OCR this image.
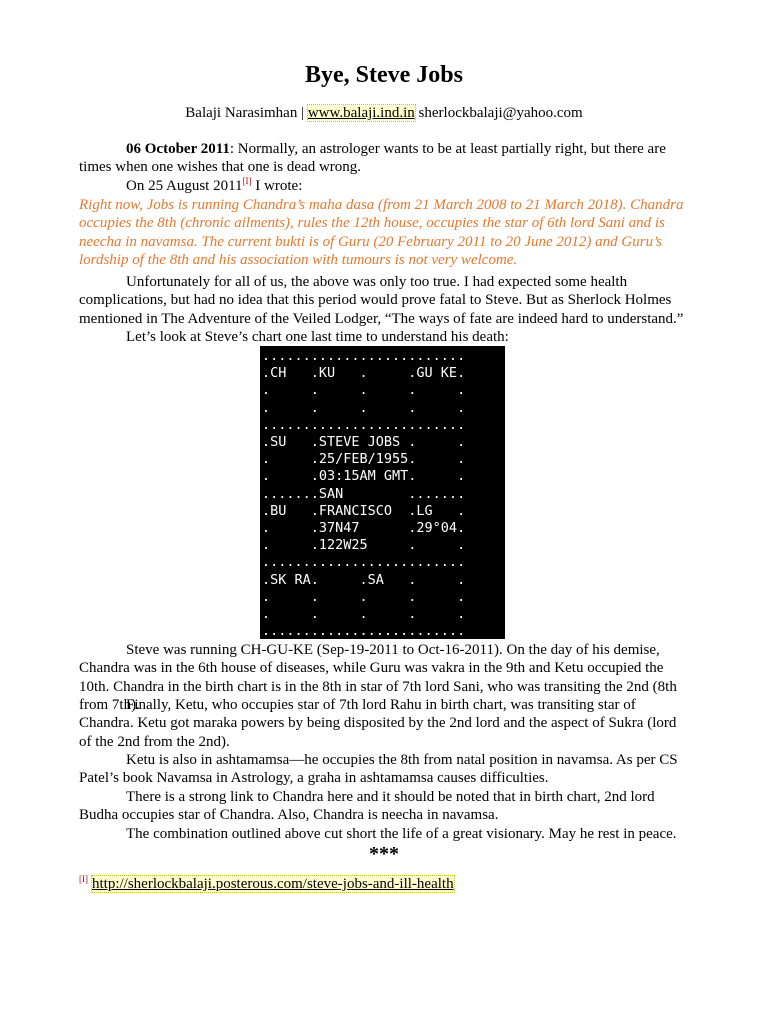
Bye, Steve Jobs
Balaji Narasimhan | www.balaji.ind.in sherlockbalaji@yahoo.com
06 October 2011: Normally, an astrologer wants to be at least partially right, but there are times when one wishes that one is dead wrong.
On 25 August 2011[I] I wrote:
Right now, Jobs is running Chandra’s maha dasa (from 21 March 2008 to 21 March 2018). Chandra occupies the 8th (chronic ailments), rules the 12th house, occupies the star of 6th lord Sani and is neecha in navamsa. The current bukti is of Guru (20 February 2011 to 20 June 2012) and Guru’s lordship of the 8th and his association with tumours is not very welcome.
Unfortunately for all of us, the above was only too true. I had expected some health complications, but had no idea that this period would prove fatal to Steve. But as Sherlock Holmes mentioned in The Adventure of the Veiled Lodger, “The ways of fate are indeed hard to understand.”
Let’s look at Steve’s chart one last time to understand his death:
.........................
.CH   .KU   .     .GU KE.
.     .     .     .     .
.     .     .     .     .
.........................
.SU   .STEVE JOBS .     .
.     .25/FEB/1955.     .
.     .03:15AM GMT.     .
.......SAN        .......
.BU   .FRANCISCO  .LG   .
.     .37N47      .29°04.
.     .122W25     .     .
.........................
.SK RA.     .SA   .     .
.     .     .     .     .
.     .     .     .     .
.........................
Steve was running CH-GU-KE (Sep-19-2011 to Oct-16-2011). On the day of his demise, Chandra was in the 6th house of diseases, while Guru was vakra in the 9th and Ketu occupied the 10th. Chandra in the birth chart is in the 8th in star of 7th lord Sani, who was transiting the 2nd (8th from 7th).
Finally, Ketu, who occupies star of 7th lord Rahu in birth chart, was transiting star of Chandra. Ketu got maraka powers by being disposited by the 2nd lord and the aspect of Sukra (lord of the 2nd from the 2nd).
Ketu is also in ashtamamsa—he occupies the 8th from natal position in navamsa. As per CS Patel’s book Navamsa in Astrology, a graha in ashtamamsa causes difficulties.
There is a strong link to Chandra here and it should be noted that in birth chart, 2nd lord Budha occupies star of Chandra. Also, Chandra is neecha in navamsa.
The combination outlined above cut short the life of a great visionary. May he rest in peace.
***
[I] http://sherlockbalaji.posterous.com/steve-jobs-and-ill-health
